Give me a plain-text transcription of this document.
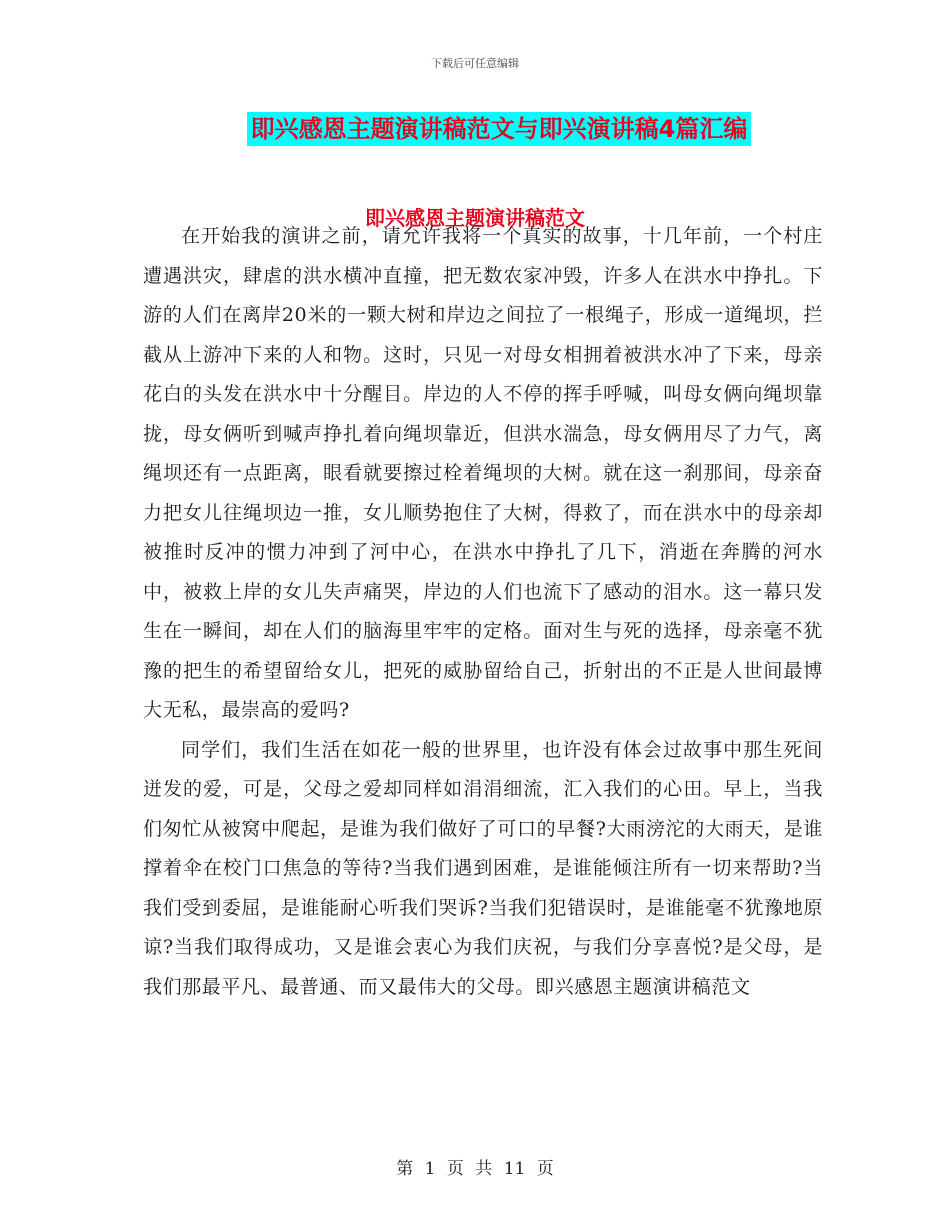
下载后可任意编辑
即兴感恩主题演讲稿范文与即兴演讲稿4篇汇编
即兴感恩主题演讲稿范文

在开始我的演讲之前，请允许我将一个真实的故事，十几年前，一个村庄遭遇洪灾，肆虐的洪水横冲直撞，把无数农家冲毁，许多人在洪水中挣扎。下游的人们在离岸20米的一颗大树和岸边之间拉了一根绳子，形成一道绳坝，拦截从上游冲下来的人和物。这时，只见一对母女相拥着被洪水冲了下来，母亲花白的头发在洪水中十分醒目。岸边的人不停的挥手呼喊，叫母女俩向绳坝靠拢，母女俩听到喊声挣扎着向绳坝靠近，但洪水湍急，母女俩用尽了力气，离绳坝还有一点距离，眼看就要擦过栓着绳坝的大树。就在这一刹那间，母亲奋力把女儿往绳坝边一推，女儿顺势抱住了大树，得救了，而在洪水中的母亲却被推时反冲的惯力冲到了河中心，在洪水中挣扎了几下，消逝在奔腾的河水中，被救上岸的女儿失声痛哭，岸边的人们也流下了感动的泪水。这一幕只发生在一瞬间，却在人们的脑海里牢牢的定格。面对生与死的选择，母亲毫不犹豫的把生的希望留给女儿，把死的威胁留给自己，折射出的不正是人世间最博大无私，最崇高的爱吗?

同学们，我们生活在如花一般的世界里，也许没有体会过故事中那生死间迸发的爱，可是，父母之爱却同样如涓涓细流，汇入我们的心田。早上，当我们匆忙从被窝中爬起，是谁为我们做好了可口的早餐?大雨滂沱的大雨天，是谁撑着伞在校门口焦急的等待?当我们遇到困难，是谁能倾注所有一切来帮助?当我们受到委屈，是谁能耐心听我们哭诉?当我们犯错误时，是谁能毫不犹豫地原谅?当我们取得成功，又是谁会衷心为我们庆祝，与我们分享喜悦?是父母，是我们那最平凡、最普通、而又最伟大的父母。即兴感恩主题演讲稿范文

第 1 页 共 11 页
